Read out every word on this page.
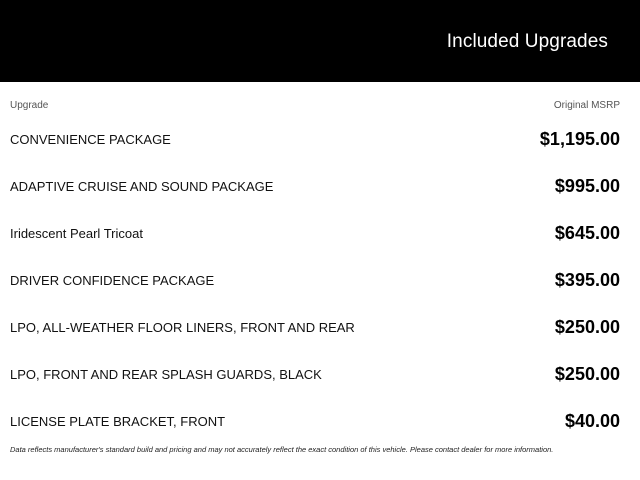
Included Upgrades
Upgrade	Original MSRP
CONVENIENCE PACKAGE	$1,195.00
ADAPTIVE CRUISE AND SOUND PACKAGE	$995.00
Iridescent Pearl Tricoat	$645.00
DRIVER CONFIDENCE PACKAGE	$395.00
LPO, ALL-WEATHER FLOOR LINERS, FRONT AND REAR	$250.00
LPO, FRONT AND REAR SPLASH GUARDS, BLACK	$250.00
LICENSE PLATE BRACKET, FRONT	$40.00
Data reflects manufacturer's standard build and pricing and may not accurately reflect the exact condition of this vehicle. Please contact dealer for more information.
